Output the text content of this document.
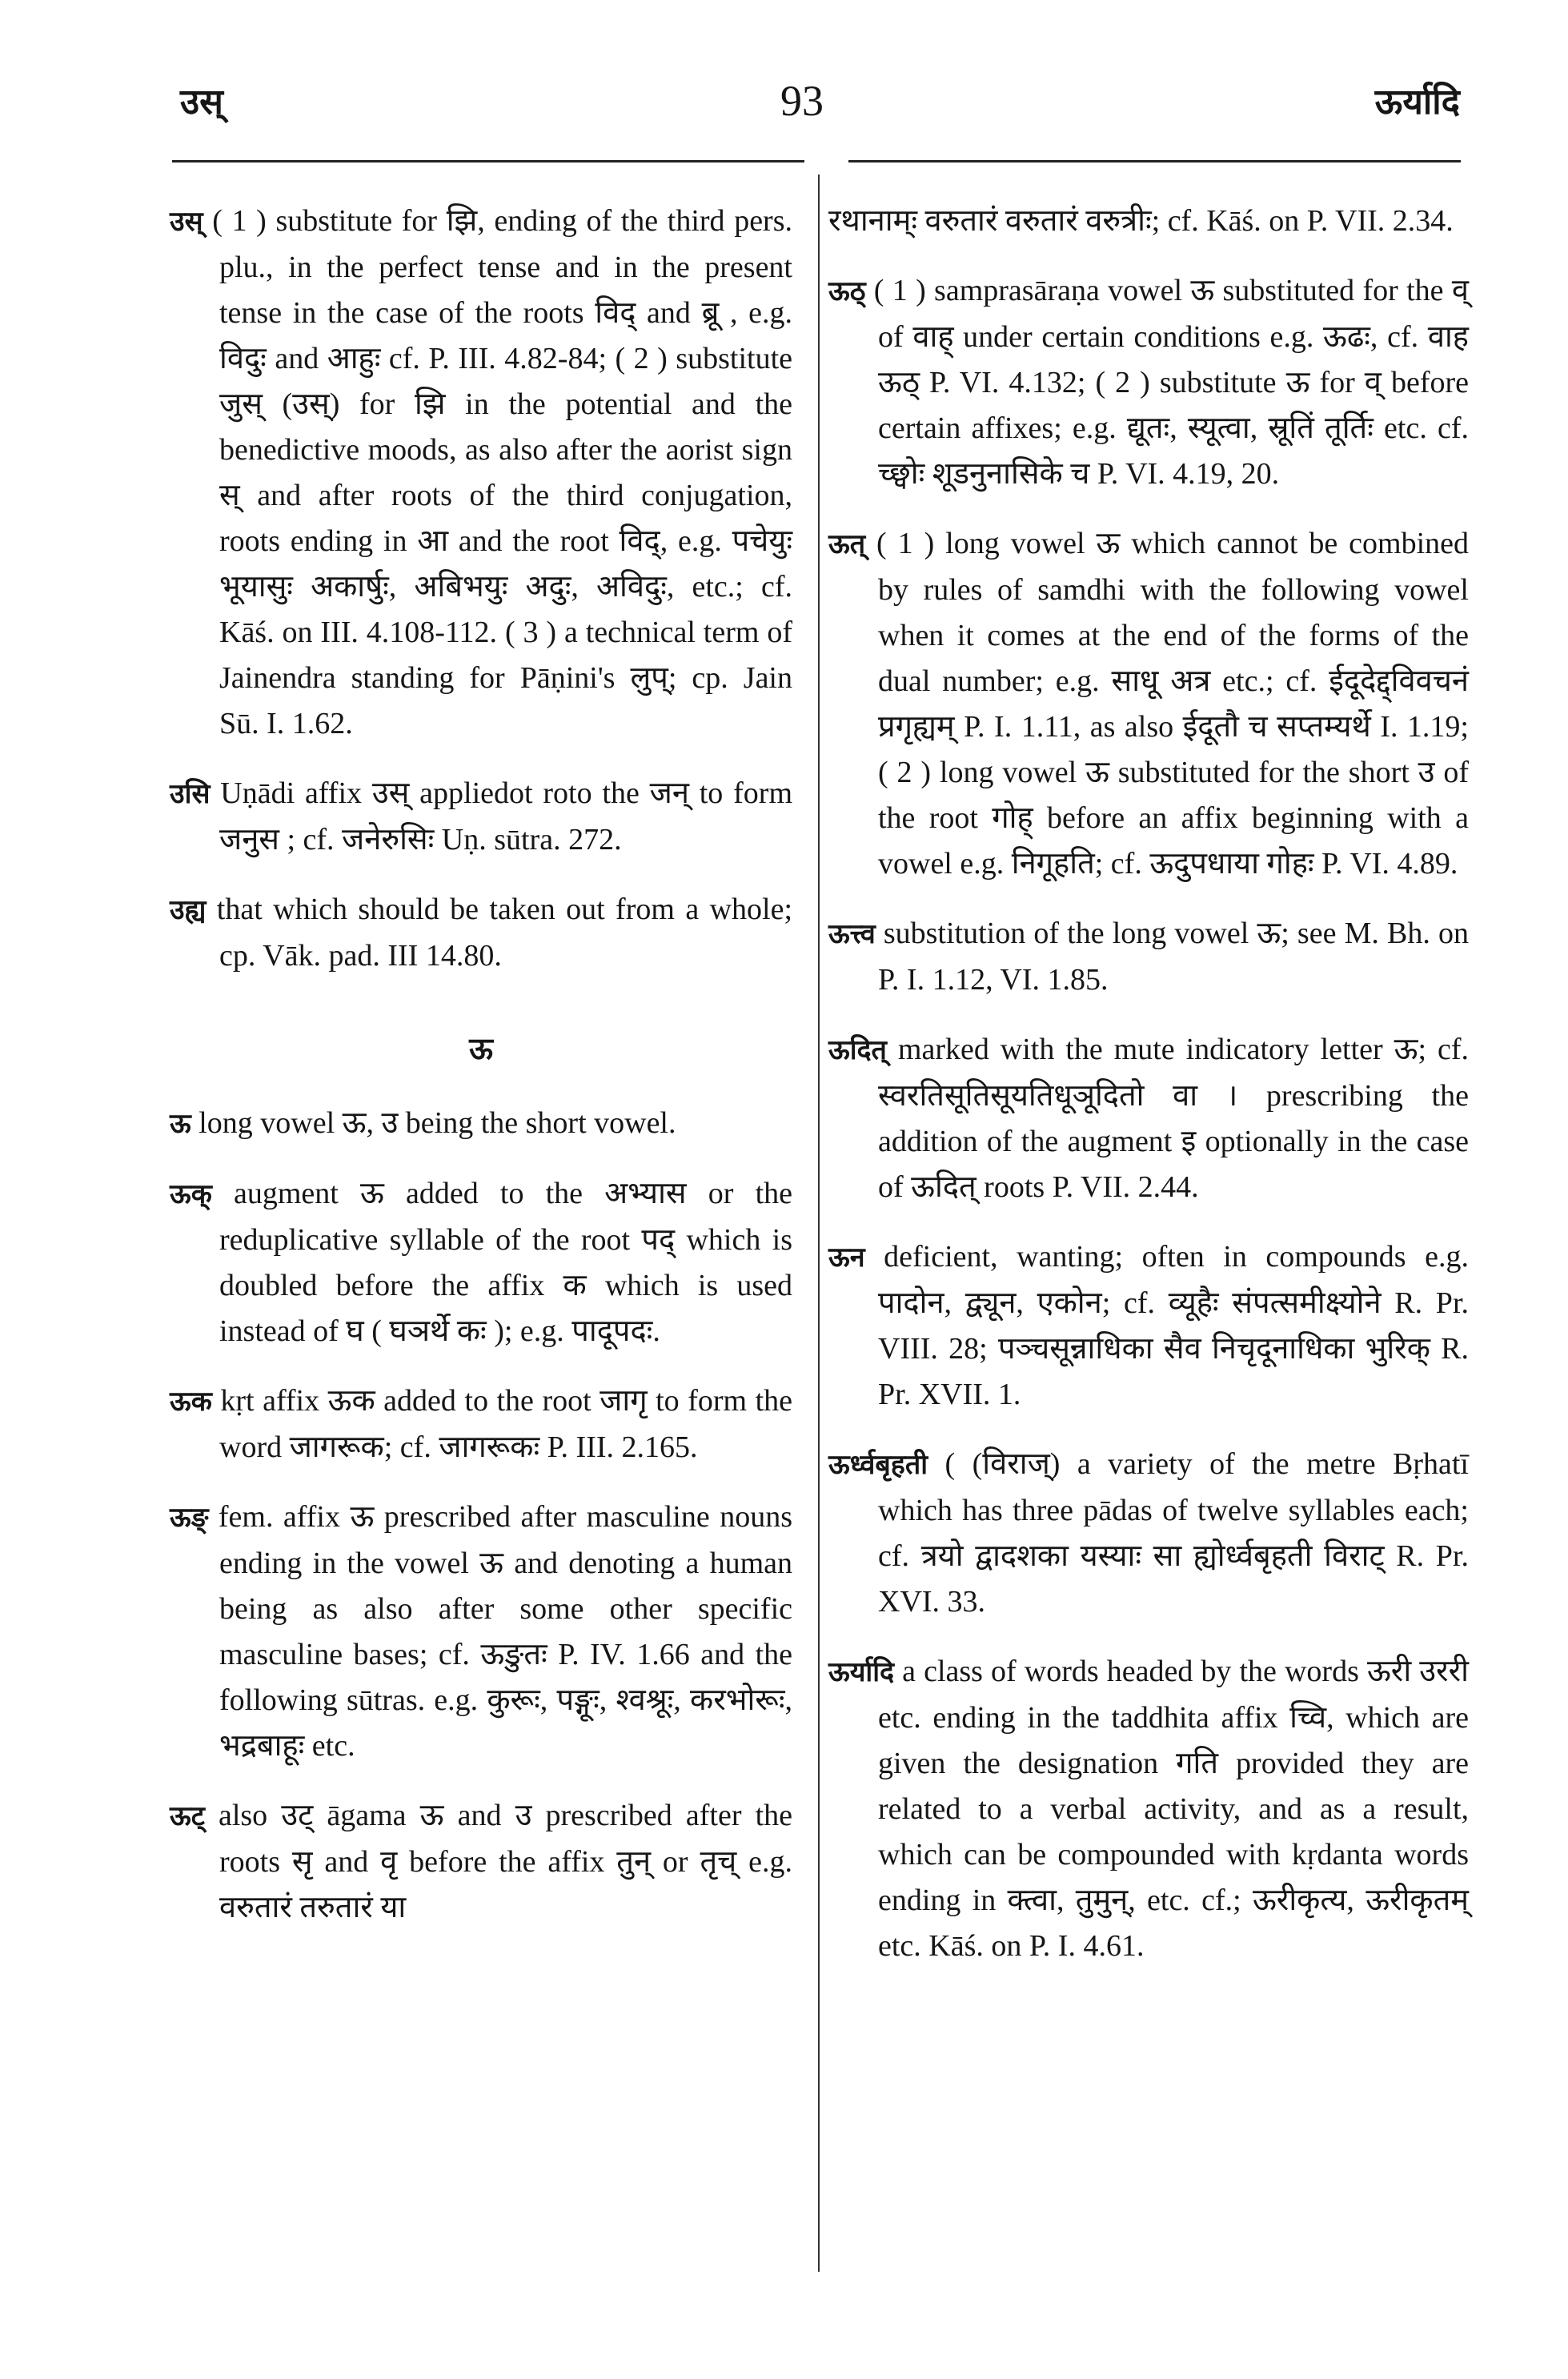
उस्	93	ऊर्यादि

उस् ( 1 ) substitute for झि, ending of the third pers. plu., in the perfect tense and in the present tense in the case of the roots विद् and ब्रू , e.g. विदुः and आहुः cf. P. III. 4.82-84; ( 2 ) substitute जुस् (उस्) for झि in the potential and the benedictive moods, as also after the aorist sign स् and after roots of the third conjugation, roots ending in आ and the root विद्, e.g. पचेयुः भूयासुः अकार्षुः, अबिभयुः अदुः, अविदुः, etc.; cf. Kāś. on III. 4.108-112. ( 3 ) a technical term of Jainendra standing for Pāṇini's लुप्; cp. Jain Sū. I. 1.62.

उसि Uṇādi affix उस् appliedot roto the जन् to form जनुस ; cf. जनेरुसिः Uṇ. sūtra. 272.

उह्य that which should be taken out from a whole; cp. Vāk. pad. III 14.80.

ऊ

ऊ long vowel ऊ, उ being the short vowel.

ऊक् augment ऊ added to the अभ्यास or the reduplicative syllable of the root पद् which is doubled before the affix क which is used instead of घ ( घञर्थे कः ); e.g. पादूपदः.

ऊक kṛt affix ऊक added to the root जागृ to form the word जागरूक; cf. जागरूकः P. III. 2.165.

ऊङ् fem. affix ऊ prescribed after masculine nouns ending in the vowel ऊ and denoting a human being as also after some other specific masculine bases; cf. ऊङुतः P. IV. 1.66 and the following sūtras. e.g. कुरूः, पङ्गूः, श्वश्रूः, करभोरूः, भद्रबाहूः etc.

ऊट् also उट् āgama ऊ and उ prescribed after the roots सृ and वृ before the affix तुन् or तृच् e.g. वरुतारं तरुतारं या

रथानाम्ः वरुतारं वरुतारं वरुत्रीः; cf. Kāś. on P. VII. 2.34.

ऊठ् ( 1 ) samprasāraṇa vowel ऊ substituted for the व् of वाह् under certain conditions e.g. ऊढः, cf. वाह ऊठ् P. VI. 4.132; ( 2 ) substitute ऊ for व् before certain affixes; e.g. द्यूतः, स्यूत्वा, स्रूतिं तूर्तिः etc. cf. च्छ्वोः शूडनुनासिके च P. VI. 4.19, 20.

ऊत् ( 1 ) long vowel ऊ which cannot be combined by rules of samdhi with the following vowel when it comes at the end of the forms of the dual number; e.g. साधू अत्र etc.; cf. ईदूदेद्द्विवचनं प्रगृह्यम् P. I. 1.11, as also ईदूतौ च सप्तम्यर्थे I. 1.19; ( 2 ) long vowel ऊ substituted for the short उ of the root गोह् before an affix beginning with a vowel e.g. निगूहति; cf. ऊदुपधाया गोहः P. VI. 4.89.

ऊत्त्व substitution of the long vowel ऊ; see M. Bh. on P. I. 1.12, VI. 1.85.

ऊदित् marked with the mute indicatory letter ऊ; cf. स्वरतिसूतिसूयतिधूञूदितो वा । prescribing the addition of the augment इ optionally in the case of ऊदित् roots P. VII. 2.44.

ऊन deficient, wanting; often in compounds e.g. पादोन, द्व्यून, एकोन; cf. व्यूहैः संपत्समीक्ष्योने R. Pr. VIII. 28; पञ्चसून्नाधिका सैव निचृदूनाधिका भुरिक् R. Pr. XVII. 1.

ऊर्ध्वबृहती ( (विराज्) a variety of the metre Bṛhatī which has three pādas of twelve syllables each; cf. त्रयो द्वादशका यस्याः सा ह्योर्ध्वबृहती विराट् R. Pr. XVI. 33.

ऊर्यादि a class of words headed by the words ऊरी उररी etc. ending in the taddhita affix च्वि, which are given the designation गति provided they are related to a verbal activity, and as a result, which can be compounded with kṛdanta words ending in क्त्वा, तुमुन्, etc. cf.; ऊरीकृत्य, ऊरीकृतम् etc. Kāś. on P. I. 4.61.
